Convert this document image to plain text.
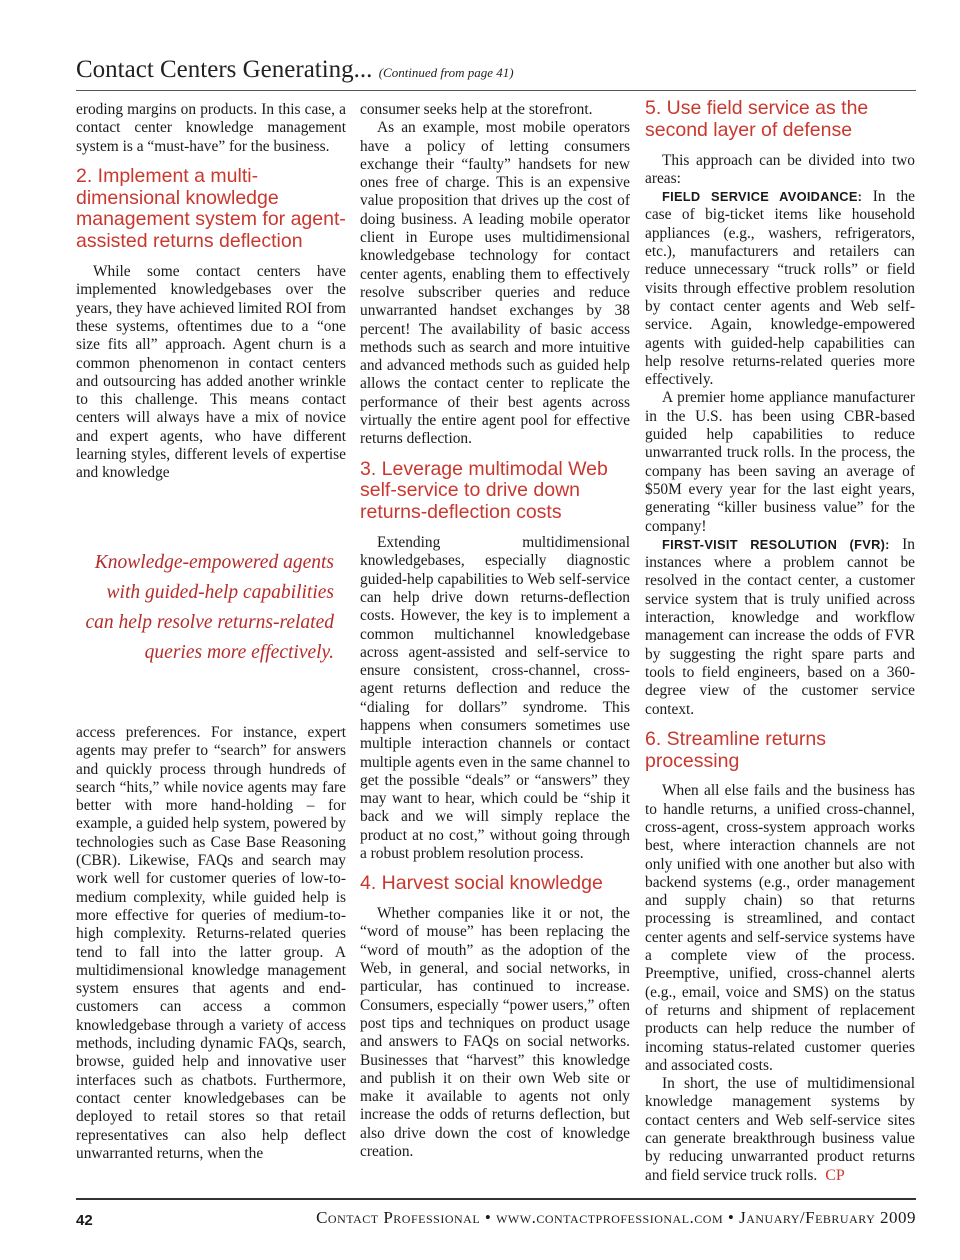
Contact Centers Generating... (Continued from page 41)

eroding margins on products. In this case, a contact center knowledge management system is a “must-have” for the business.

2. Implement a multi-dimensional knowledge management system for agent-assisted returns deflection

While some contact centers have implemented knowledgebases over the years, they have achieved limited ROI from these systems, oftentimes due to a “one size fits all” approach. Agent churn is a common phenomenon in contact centers and outsourcing has added another wrinkle to this challenge. This means contact centers will always have a mix of novice and expert agents, who have different learning styles, different levels of expertise and knowledge

Knowledge-empowered agents with guided-help capabilities can help resolve returns-related queries more effectively.

access preferences. For instance, expert agents may prefer to “search” for answers and quickly process through hundreds of search “hits,” while novice agents may fare better with more hand-holding – for example, a guided help system, powered by technologies such as Case Base Reasoning (CBR). Likewise, FAQs and search may work well for customer queries of low-to-medium complexity, while guided help is more effective for queries of medium-to-high complexity. Returns-related queries tend to fall into the latter group. A multidimensional knowledge management system ensures that agents and end-customers can access a common knowledgebase through a variety of access methods, including dynamic FAQs, search, browse, guided help and innovative user interfaces such as chatbots. Furthermore, contact center knowledgebases can be deployed to retail stores so that retail representatives can also help deflect unwarranted returns, when the

consumer seeks help at the storefront.

As an example, most mobile operators have a policy of letting consumers exchange their “faulty” handsets for new ones free of charge. This is an expensive value proposition that drives up the cost of doing business. A leading mobile operator client in Europe uses multidimensional knowledgebase technology for contact center agents, enabling them to effectively resolve subscriber queries and reduce unwarranted handset exchanges by 38 percent! The availability of basic access methods such as search and more intuitive and advanced methods such as guided help allows the contact center to replicate the performance of their best agents across virtually the entire agent pool for effective returns deflection.

3. Leverage multimodal Web self-service to drive down returns-deflection costs

Extending multidimensional knowledgebases, especially diagnostic guided-help capabilities to Web self-service can help drive down returns-deflection costs. However, the key is to implement a common multichannel knowledgebase across agent-assisted and self-service to ensure consistent, cross-channel, cross-agent returns deflection and reduce the “dialing for dollars” syndrome. This happens when consumers sometimes use multiple interaction channels or contact multiple agents even in the same channel to get the possible “deals” or “answers” they may want to hear, which could be “ship it back and we will simply replace the product at no cost,” without going through a robust problem resolution process.

4. Harvest social knowledge

Whether companies like it or not, the “word of mouse” has been replacing the “word of mouth” as the adoption of the Web, in general, and social networks, in particular, has continued to increase. Consumers, especially “power users,” often post tips and techniques on product usage and answers to FAQs on social networks. Businesses that “harvest” this knowledge and publish it on their own Web site or make it available to agents not only increase the odds of returns deflection, but also drive down the cost of knowledge creation.

5. Use field service as the second layer of defense

This approach can be divided into two areas:

FIELD SERVICE AVOIDANCE: In the case of big-ticket items like household appliances (e.g., washers, refrigerators, etc.), manufacturers and retailers can reduce unnecessary “truck rolls” or field visits through effective problem resolution by contact center agents and Web self-service. Again, knowledge-empowered agents with guided-help capabilities can help resolve returns-related queries more effectively.

A premier home appliance manufacturer in the U.S. has been using CBR-based guided help capabilities to reduce unwarranted truck rolls. In the process, the company has been saving an average of $50M every year for the last eight years, generating “killer business value” for the company!

FIRST-VISIT RESOLUTION (FVR): In instances where a problem cannot be resolved in the contact center, a customer service system that is truly unified across interaction, knowledge and workflow management can increase the odds of FVR by suggesting the right spare parts and tools to field engineers, based on a 360-degree view of the customer service context.

6. Streamline returns processing

When all else fails and the business has to handle returns, a unified cross-channel, cross-agent, cross-system approach works best, where interaction channels are not only unified with one another but also with backend systems (e.g., order management and supply chain) so that returns processing is streamlined, and contact center agents and self-service systems have a complete view of the process. Preemptive, unified, cross-channel alerts (e.g., email, voice and SMS) on the status of returns and shipment of replacement products can help reduce the number of incoming status-related customer queries and associated costs.

In short, the use of multidimensional knowledge management systems by contact centers and Web self-service sites can generate breakthrough business value by reducing unwarranted product returns and field service truck rolls. CP

42	Contact Professional • www.contactprofessional.com • January/February 2009
